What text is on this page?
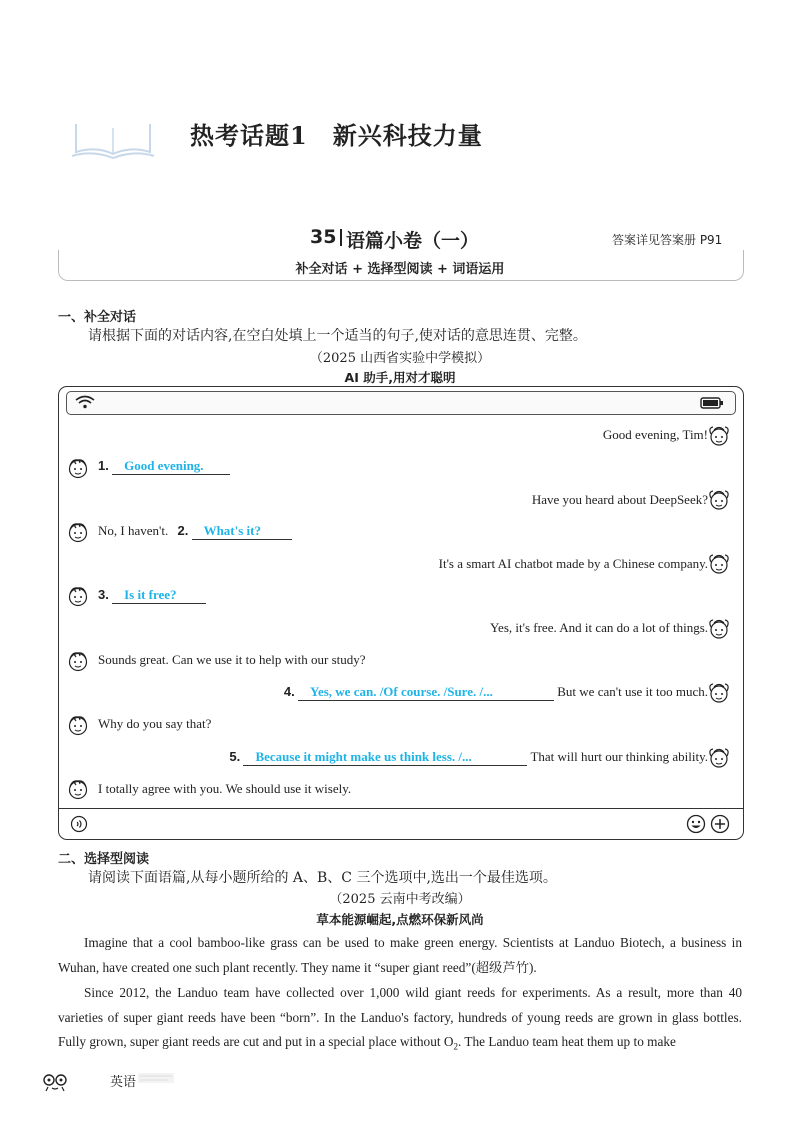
热考话题1　新兴科技力量
35 语篇小卷（一）	答案详见答案册 P91
补全对话 + 选择型阅读 + 词语运用
一、补全对话
请根据下面的对话内容,在空白处填上一个适当的句子,使对话的意思连贯、完整。
（2025 山西省实验中学模拟）
AI 助手,用对才聪明
Good evening, Tim!
1. Good evening.
Have you heard about DeepSeek?
No, I haven't. 2. What's it?
It's a smart AI chatbot made by a Chinese company.
3. Is it free?
Yes, it's free. And it can do a lot of things.
Sounds great. Can we use it to help with our study?
4. Yes, we can. /Of course. /Sure. /...	But we can't use it too much.
Why do you say that?
5. Because it might make us think less. /...	That will hurt our thinking ability.
I totally agree with you. We should use it wisely.
二、选择型阅读
请阅读下面语篇,从每小题所给的 A、B、C 三个选项中,选出一个最佳选项。
（2025 云南中考改编）
草本能源崛起,点燃环保新风尚
Imagine that a cool bamboo-like grass can be used to make green energy. Scientists at Landuo Biotech, a business in Wuhan, have created one such plant recently. They name it “super giant reed”(超级芦竹).
Since 2012, the Landuo team have collected over 1,000 wild giant reeds for experiments. As a result, more than 40 varieties of super giant reeds have been “born”. In the Landuo's factory, hundreds of young reeds are grown in glass bottles. Fully grown, super giant reeds are cut and put in a special place without $O_2$. The Landuo team heat them up to make
英语
